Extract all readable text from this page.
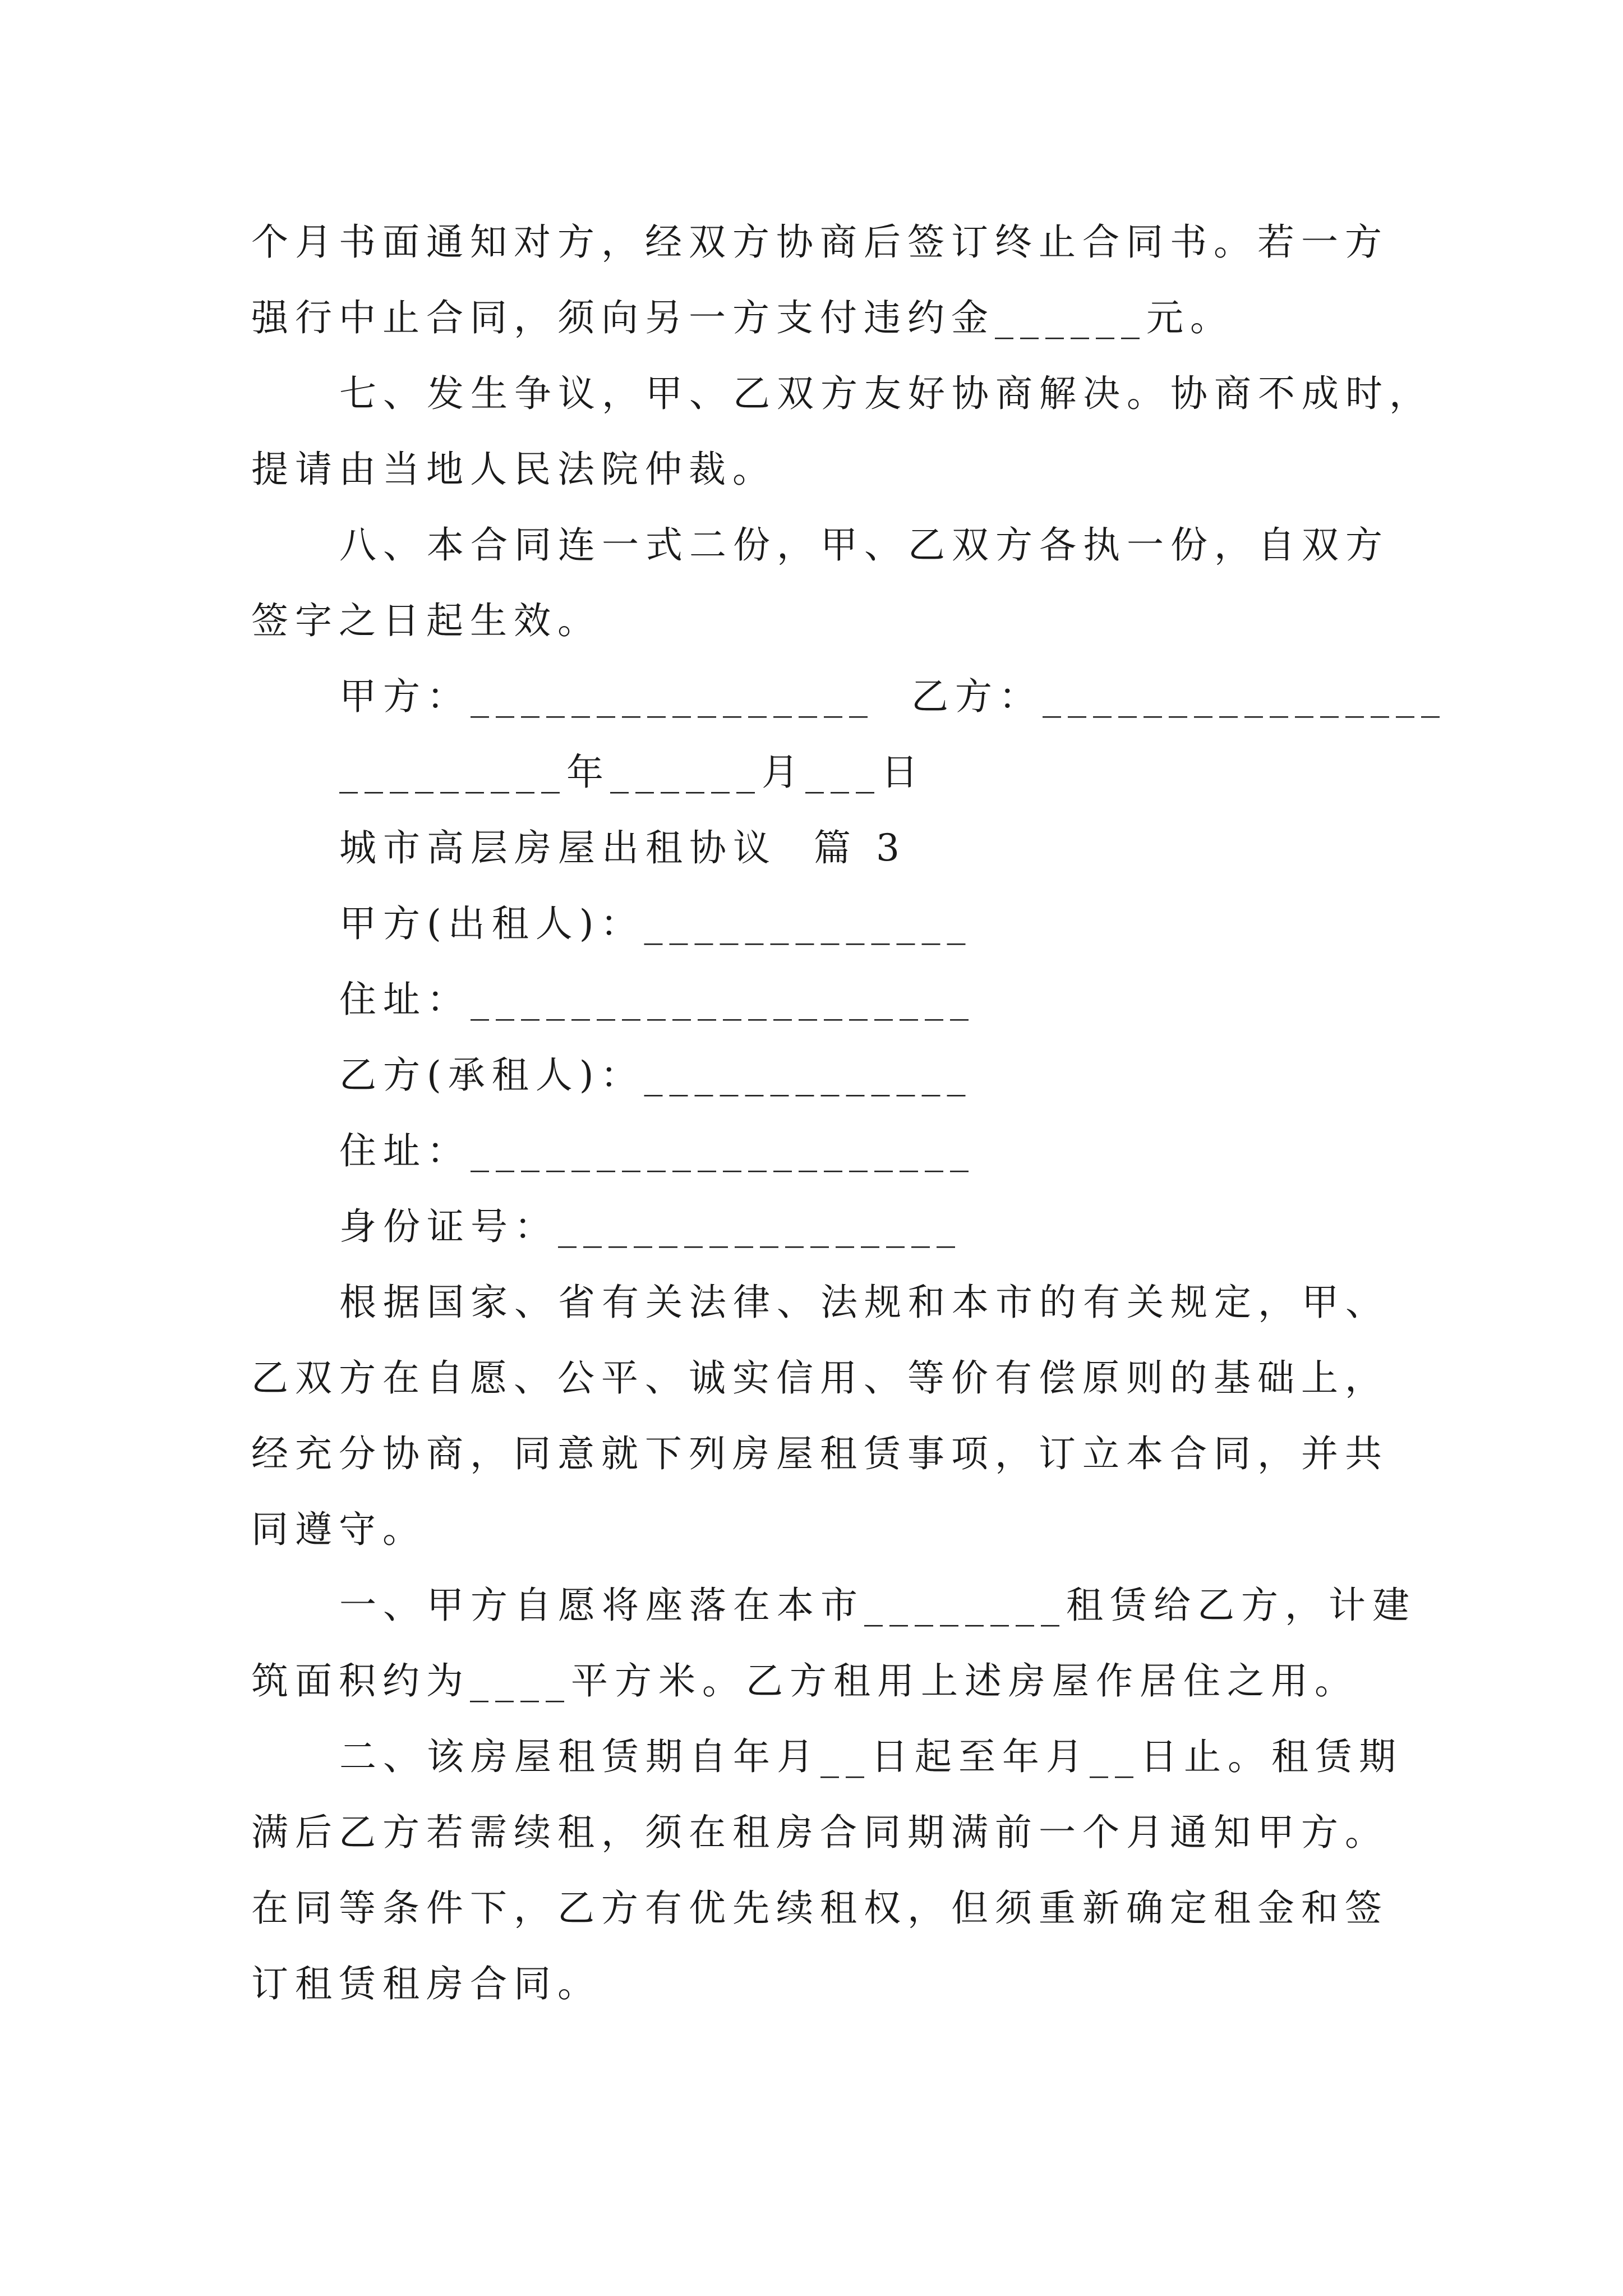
个月书面通知对方，经双方协商后签订终止合同书。若一方
强行中止合同，须向另一方支付违约金______元。
七、发生争议，甲、乙双方友好协商解决。协商不成时，
提请由当地人民法院仲裁。
八、本合同连一式二份，甲、乙双方各执一份，自双方
签字之日起生效。
甲方：________________  乙方：________________
_________年______月___日
城市高层房屋出租协议  篇 3
甲方(出租人)：_____________
住址：____________________
乙方(承租人)：_____________
住址：____________________
身份证号：________________
根据国家、省有关法律、法规和本市的有关规定，甲、
乙双方在自愿、公平、诚实信用、等价有偿原则的基础上，
经充分协商，同意就下列房屋租赁事项，订立本合同，并共
同遵守。
一、甲方自愿将座落在本市________租赁给乙方，计建
筑面积约为____平方米。乙方租用上述房屋作居住之用。
二、该房屋租赁期自年月__日起至年月__日止。租赁期
满后乙方若需续租，须在租房合同期满前一个月通知甲方。
在同等条件下，乙方有优先续租权，但须重新确定租金和签
订租赁租房合同。
